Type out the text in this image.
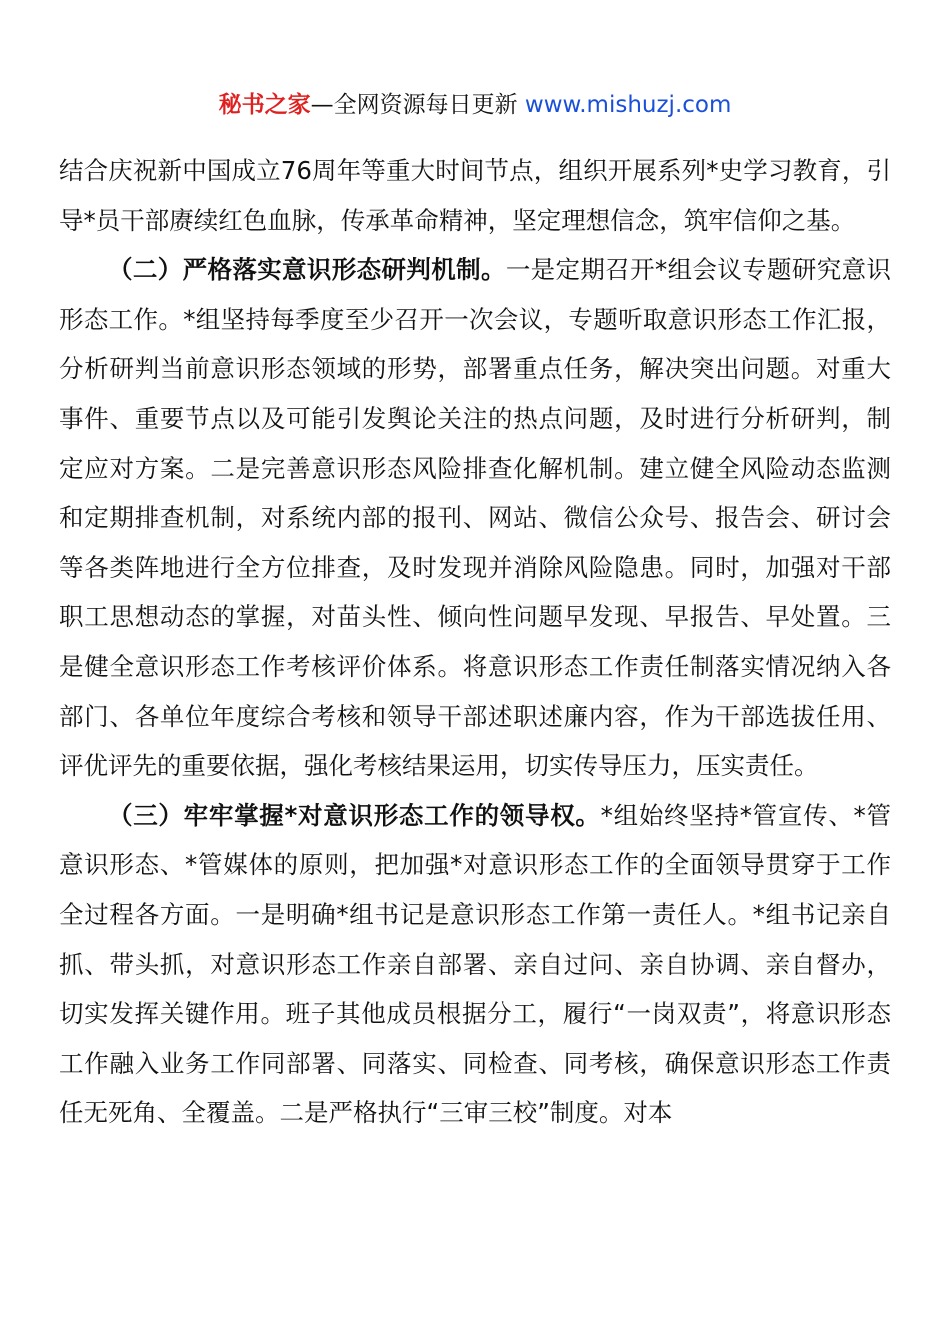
秘书之家—全网资源每日更新 www.mishuzj.com

结合庆祝新中国成立76周年等重大时间节点，组织开展系列*史学习教育，引导*员干部赓续红色血脉，传承革命精神，坚定理想信念，筑牢信仰之基。

（二）严格落实意识形态研判机制。一是定期召开*组会议专题研究意识形态工作。*组坚持每季度至少召开一次会议，专题听取意识形态工作汇报，分析研判当前意识形态领域的形势，部署重点任务，解决突出问题。对重大事件、重要节点以及可能引发舆论关注的热点问题，及时进行分析研判，制定应对方案。二是完善意识形态风险排查化解机制。建立健全风险动态监测和定期排查机制，对系统内部的报刊、网站、微信公众号、报告会、研讨会等各类阵地进行全方位排查，及时发现并消除风险隐患。同时，加强对干部职工思想动态的掌握，对苗头性、倾向性问题早发现、早报告、早处置。三是健全意识形态工作考核评价体系。将意识形态工作责任制落实情况纳入各部门、各单位年度综合考核和领导干部述职述廉内容，作为干部选拔任用、评优评先的重要依据，强化考核结果运用，切实传导压力，压实责任。

（三）牢牢掌握*对意识形态工作的领导权。*组始终坚持*管宣传、*管意识形态、*管媒体的原则，把加强*对意识形态工作的全面领导贯穿于工作全过程各方面。一是明确*组书记是意识形态工作第一责任人。*组书记亲自抓、带头抓，对意识形态工作亲自部署、亲自过问、亲自协调、亲自督办，切实发挥关键作用。班子其他成员根据分工，履行“一岗双责”，将意识形态工作融入业务工作同部署、同落实、同检查、同考核，确保意识形态工作责任无死角、全覆盖。二是严格执行“三审三校”制度。对本
